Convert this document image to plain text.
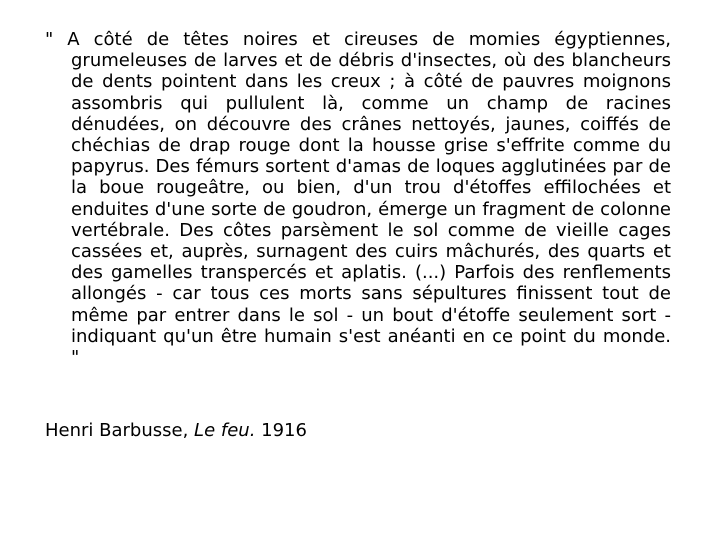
" A côté de têtes noires et cireuses de momies égyptiennes, grumeleuses de larves et de débris d'insectes, où des blancheurs de dents pointent dans les creux ; à côté de pauvres moignons assombris qui pullulent là, comme un champ de racines dénudées, on découvre des crânes nettoyés, jaunes, coiffés de chéchias de drap rouge dont la housse grise s'effrite comme du papyrus. Des fémurs sortent d'amas de loques agglutinées par de la boue rougeâtre, ou bien, d'un trou d'étoffes effilochées et enduites d'une sorte de goudron, émerge un fragment de colonne vertébrale. Des côtes parsèment le sol comme de vieille cages cassées et, auprès, surnagent des cuirs mâchurés, des quarts et des gamelles transpercés et aplatis. (...) Parfois des renflements allongés - car tous ces morts sans sépultures finissent tout de même par entrer dans le sol - un bout d'étoffe seulement sort - indiquant qu'un être humain s'est anéanti en ce point du monde. "

Henri Barbusse, Le feu. 1916
